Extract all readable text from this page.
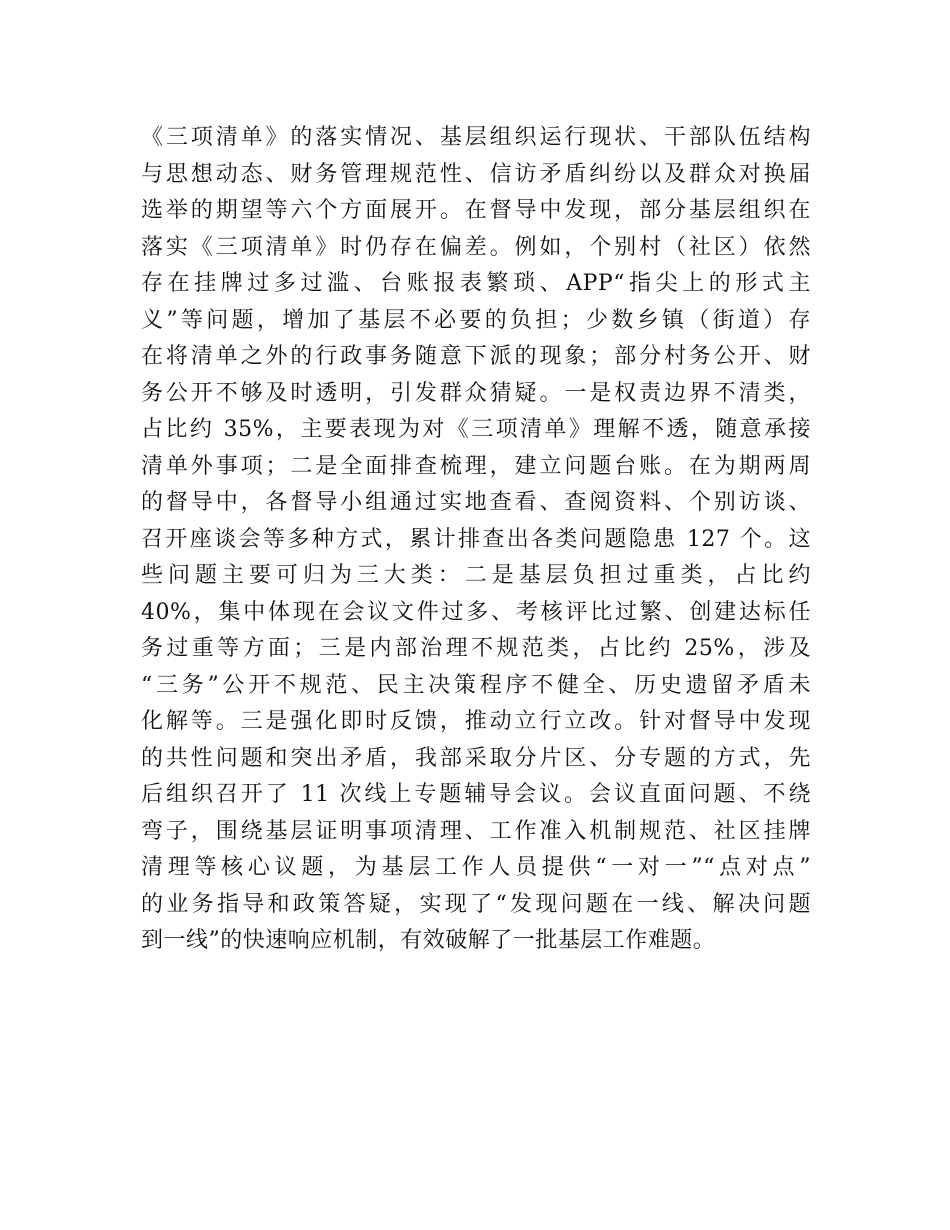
《三项清单》的落实情况、基层组织运行现状、干部队伍结构
与思想动态、财务管理规范性、信访矛盾纠纷以及群众对换届
选举的期望等六个方面展开。在督导中发现，部分基层组织在
落实《三项清单》时仍存在偏差。例如，个别村（社区）依然
存在挂牌过多过滥、台账报表繁琐、APP“指尖上的形式主
义”等问题，增加了基层不必要的负担；少数乡镇（街道）存
在将清单之外的行政事务随意下派的现象；部分村务公开、财
务公开不够及时透明，引发群众猜疑。一是权责边界不清类，
占比约 35%，主要表现为对《三项清单》理解不透，随意承接
清单外事项；二是全面排查梳理，建立问题台账。在为期两周
的督导中，各督导小组通过实地查看、查阅资料、个别访谈、
召开座谈会等多种方式，累计排查出各类问题隐患 127 个。这
些问题主要可归为三大类：二是基层负担过重类，占比约
40%，集中体现在会议文件过多、考核评比过繁、创建达标任
务过重等方面；三是内部治理不规范类，占比约 25%，涉及
“三务”公开不规范、民主决策程序不健全、历史遗留矛盾未
化解等。三是强化即时反馈，推动立行立改。针对督导中发现
的共性问题和突出矛盾，我部采取分片区、分专题的方式，先
后组织召开了 11 次线上专题辅导会议。会议直面问题、不绕
弯子，围绕基层证明事项清理、工作准入机制规范、社区挂牌
清理等核心议题，为基层工作人员提供“一对一”“点对点”
的业务指导和政策答疑，实现了“发现问题在一线、解决问题
到一线”的快速响应机制，有效破解了一批基层工作难题。
